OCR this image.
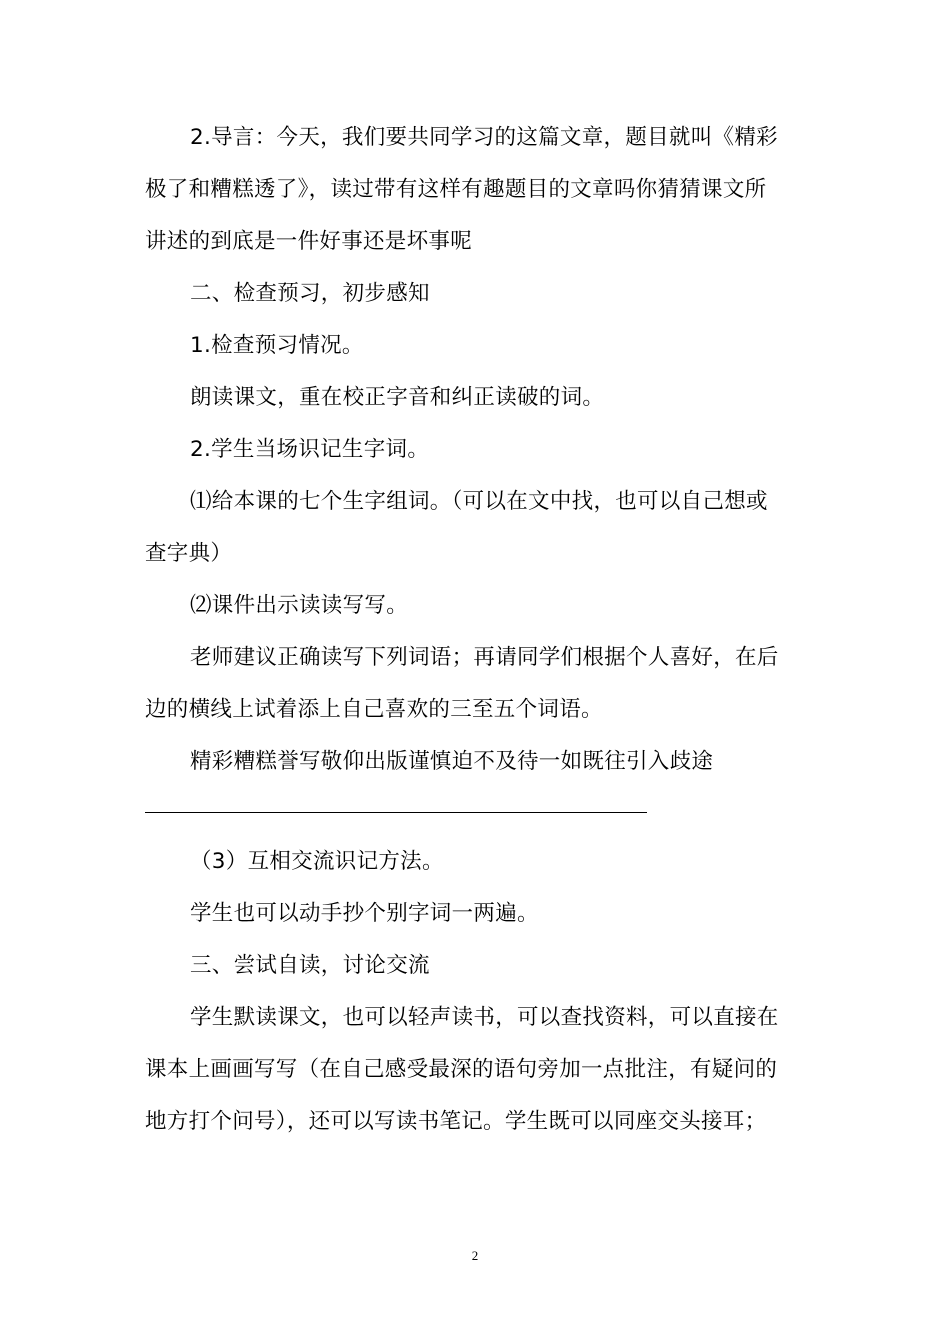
2.导言：今天，我们要共同学习的这篇文章，题目就叫《精彩
极了和糟糕透了》，读过带有这样有趣题目的文章吗你猜猜课文所
讲述的到底是一件好事还是坏事呢
二、检查预习，初步感知
1.检查预习情况。
朗读课文，重在校正字音和纠正读破的词。
2.学生当场识记生字词。
⑴给本课的七个生字组词。（可以在文中找，也可以自己想或
查字典）
⑵课件出示读读写写。
老师建议正确读写下列词语；再请同学们根据个人喜好，在后
边的横线上试着添上自己喜欢的三至五个词语。
精彩糟糕誉写敬仰出版谨慎迫不及待一如既往引入歧途
（3）互相交流识记方法。
学生也可以动手抄个别字词一两遍。
三、尝试自读，讨论交流
学生默读课文，也可以轻声读书，可以查找资料，可以直接在
课本上画画写写（在自己感受最深的语句旁加一点批注，有疑问的
地方打个问号），还可以写读书笔记。学生既可以同座交头接耳；
2
